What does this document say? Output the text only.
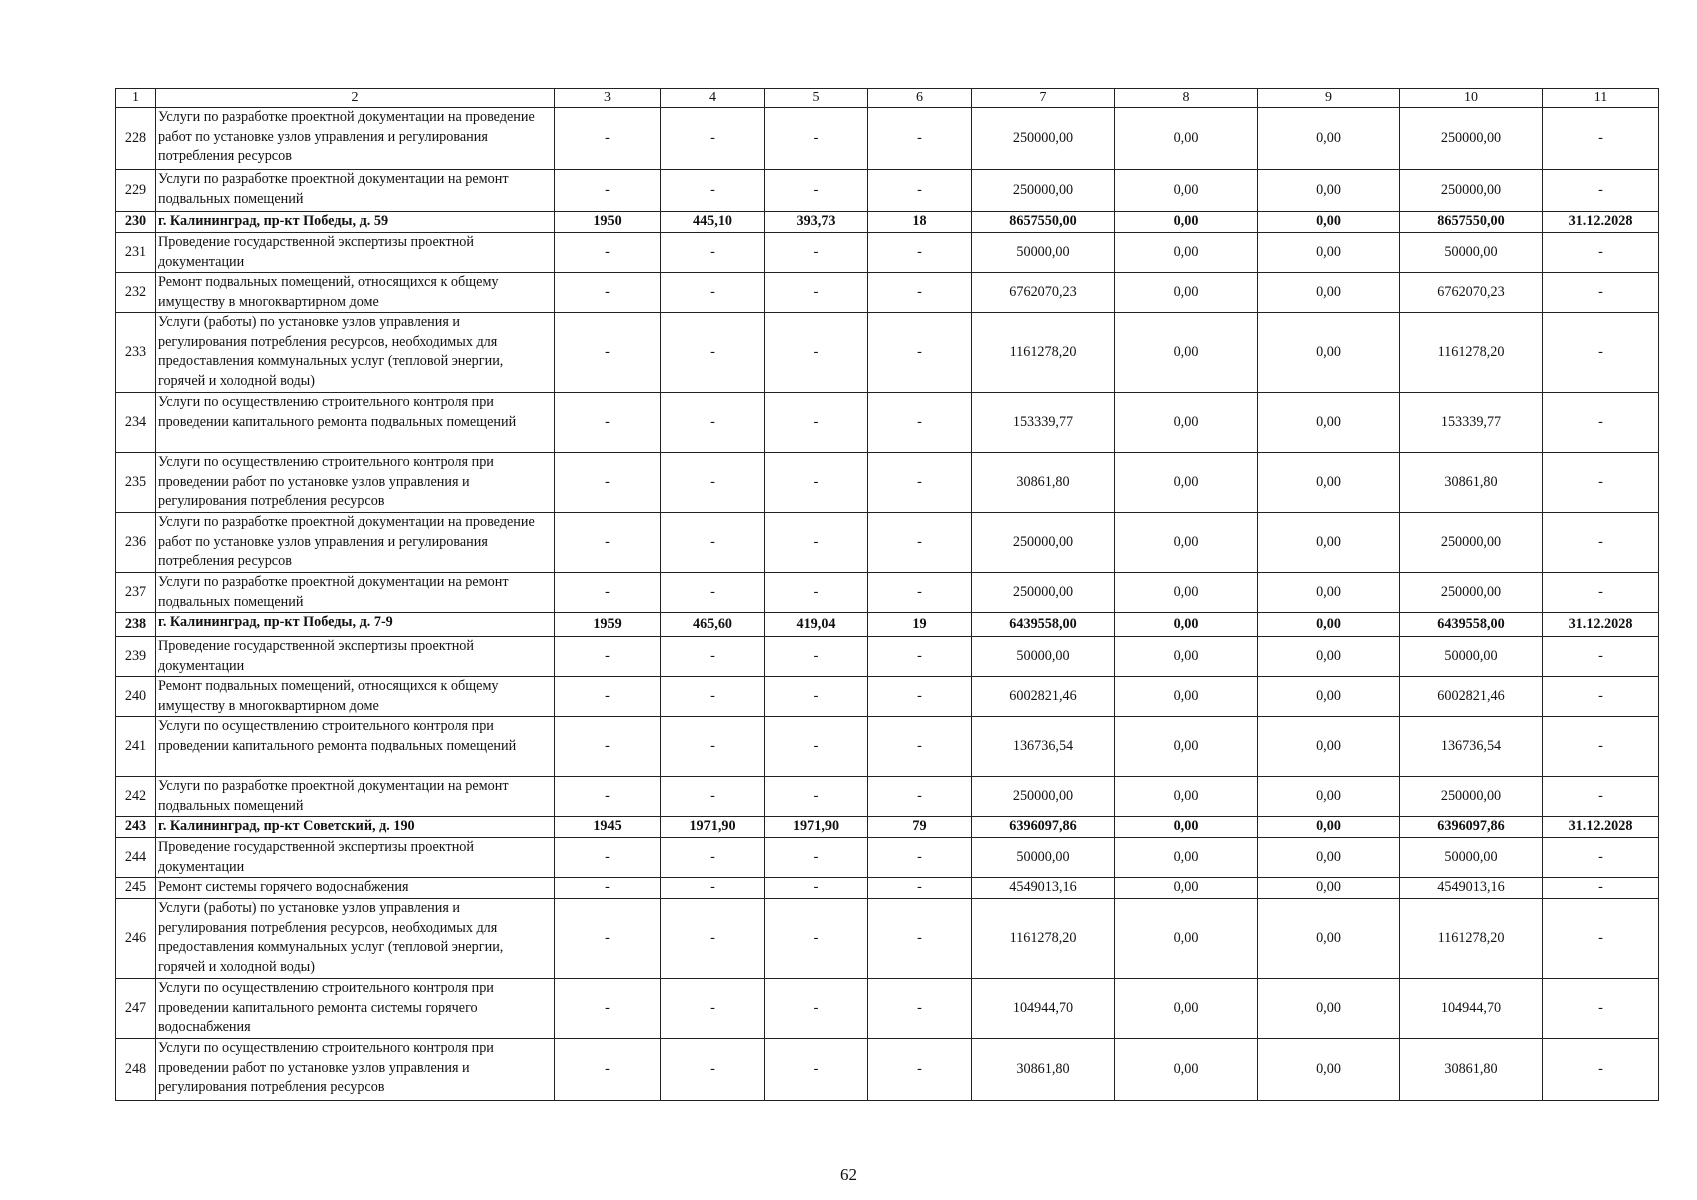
1	2	3	4	5	6	7	8	9	10	11
228	Услуги по разработке проектной документации на проведение работ по установке узлов управления и регулирования потребления ресурсов	-	-	-	-	250000,00	0,00	0,00	250000,00	-
229	Услуги по разработке проектной документации на ремонт подвальных помещений	-	-	-	-	250000,00	0,00	0,00	250000,00	-
230	г. Калининград, пр-кт Победы, д. 59	1950	445,10	393,73	18	8657550,00	0,00	0,00	8657550,00	31.12.2028
231	Проведение государственной экспертизы проектной документации	-	-	-	-	50000,00	0,00	0,00	50000,00	-
232	Ремонт подвальных помещений, относящихся к общему имуществу в многоквартирном доме	-	-	-	-	6762070,23	0,00	0,00	6762070,23	-
233	Услуги (работы) по установке узлов управления и регулирования потребления ресурсов, необходимых для предоставления коммунальных услуг (тепловой энергии, горячей и холодной воды)	-	-	-	-	1161278,20	0,00	0,00	1161278,20	-
234	Услуги по осуществлению строительного контроля при проведении капитального ремонта подвальных помещений	-	-	-	-	153339,77	0,00	0,00	153339,77	-
235	Услуги по осуществлению строительного контроля при проведении работ по установке узлов управления и регулирования потребления ресурсов	-	-	-	-	30861,80	0,00	0,00	30861,80	-
236	Услуги по разработке проектной документации на проведение работ по установке узлов управления и регулирования потребления ресурсов	-	-	-	-	250000,00	0,00	0,00	250000,00	-
237	Услуги по разработке проектной документации на ремонт подвальных помещений	-	-	-	-	250000,00	0,00	0,00	250000,00	-
238	г. Калининград, пр-кт Победы, д. 7-9	1959	465,60	419,04	19	6439558,00	0,00	0,00	6439558,00	31.12.2028
239	Проведение государственной экспертизы проектной документации	-	-	-	-	50000,00	0,00	0,00	50000,00	-
240	Ремонт подвальных помещений, относящихся к общему имуществу в многоквартирном доме	-	-	-	-	6002821,46	0,00	0,00	6002821,46	-
241	Услуги по осуществлению строительного контроля при проведении капитального ремонта подвальных помещений	-	-	-	-	136736,54	0,00	0,00	136736,54	-
242	Услуги по разработке проектной документации на ремонт подвальных помещений	-	-	-	-	250000,00	0,00	0,00	250000,00	-
243	г. Калининград, пр-кт Советский, д. 190	1945	1971,90	1971,90	79	6396097,86	0,00	0,00	6396097,86	31.12.2028
244	Проведение государственной экспертизы проектной документации	-	-	-	-	50000,00	0,00	0,00	50000,00	-
245	Ремонт системы горячего водоснабжения	-	-	-	-	4549013,16	0,00	0,00	4549013,16	-
246	Услуги (работы) по установке узлов управления и регулирования потребления ресурсов, необходимых для предоставления коммунальных услуг (тепловой энергии, горячей и холодной воды)	-	-	-	-	1161278,20	0,00	0,00	1161278,20	-
247	Услуги по осуществлению строительного контроля при проведении капитального ремонта системы горячего водоснабжения	-	-	-	-	104944,70	0,00	0,00	104944,70	-
248	Услуги по осуществлению строительного контроля при проведении работ по установке узлов управления и регулирования потребления ресурсов	-	-	-	-	30861,80	0,00	0,00	30861,80	-
62
